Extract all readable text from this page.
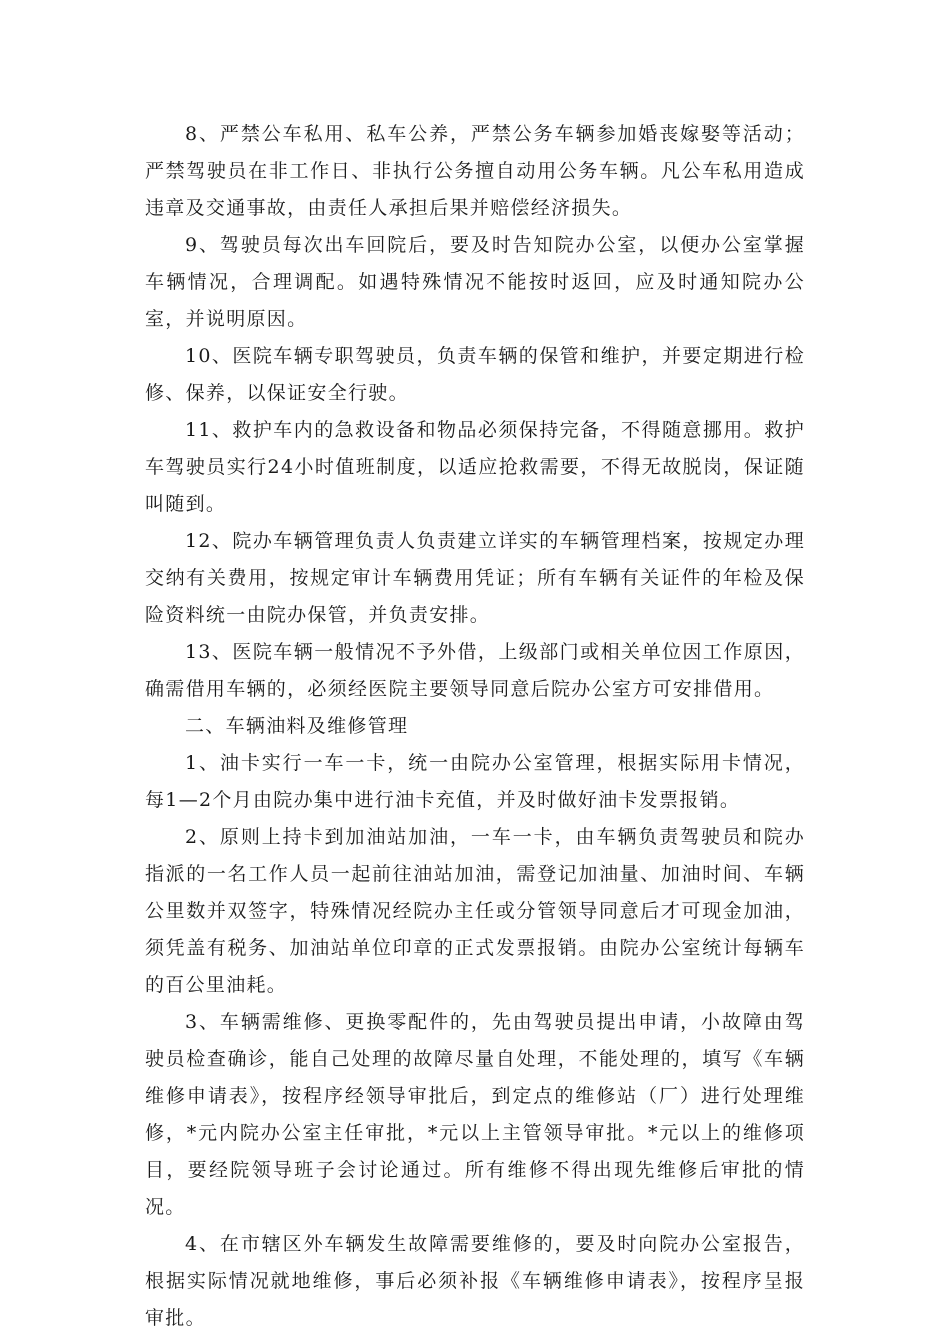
8、严禁公车私用、私车公养，严禁公务车辆参加婚丧嫁娶等活动；严禁驾驶员在非工作日、非执行公务擅自动用公务车辆。凡公车私用造成违章及交通事故，由责任人承担后果并赔偿经济损失。

9、驾驶员每次出车回院后，要及时告知院办公室，以便办公室掌握车辆情况，合理调配。如遇特殊情况不能按时返回，应及时通知院办公室，并说明原因。

10、医院车辆专职驾驶员，负责车辆的保管和维护，并要定期进行检修、保养，以保证安全行驶。

11、救护车内的急救设备和物品必须保持完备，不得随意挪用。救护车驾驶员实行24小时值班制度，以适应抢救需要，不得无故脱岗，保证随叫随到。

12、院办车辆管理负责人负责建立详实的车辆管理档案，按规定办理交纳有关费用，按规定审计车辆费用凭证；所有车辆有关证件的年检及保险资料统一由院办保管，并负责安排。

13、医院车辆一般情况不予外借，上级部门或相关单位因工作原因，确需借用车辆的，必须经医院主要领导同意后院办公室方可安排借用。

二、车辆油料及维修管理

1、油卡实行一车一卡，统一由院办公室管理，根据实际用卡情况，每1—2个月由院办集中进行油卡充值，并及时做好油卡发票报销。

2、原则上持卡到加油站加油，一车一卡，由车辆负责驾驶员和院办指派的一名工作人员一起前往油站加油，需登记加油量、加油时间、车辆公里数并双签字，特殊情况经院办主任或分管领导同意后才可现金加油，须凭盖有税务、加油站单位印章的正式发票报销。由院办公室统计每辆车的百公里油耗。

3、车辆需维修、更换零配件的，先由驾驶员提出申请，小故障由驾驶员检查确诊，能自己处理的故障尽量自处理，不能处理的，填写《车辆维修申请表》，按程序经领导审批后，到定点的维修站（厂）进行处理维修，*元内院办公室主任审批，*元以上主管领导审批。*元以上的维修项目，要经院领导班子会讨论通过。所有维修不得出现先维修后审批的情况。

4、在市辖区外车辆发生故障需要维修的，要及时向院办公室报告，根据实际情况就地维修，事后必须补报《车辆维修申请表》，按程序呈报审批。
